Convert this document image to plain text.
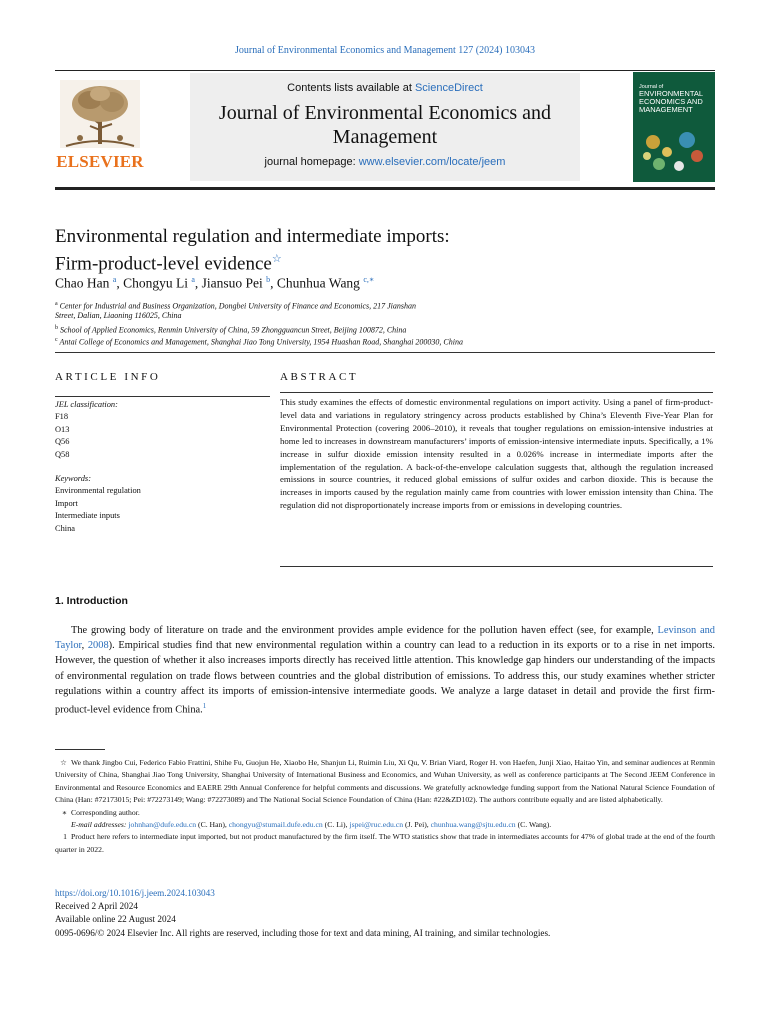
Journal of Environmental Economics and Management 127 (2024) 103043
ELSEVIER
Contents lists available at ScienceDirect
Journal of Environmental Economics and Management
journal homepage: www.elsevier.com/locate/jeem
Journal of
ENVIRONMENTAL ECONOMICS AND MANAGEMENT
Environmental regulation and intermediate imports:
Firm-product-level evidence☆
Chao Han $^a$, Chongyu Li $^a$, Jiansuo Pei $^b$, Chunhua Wang $^{c,∗}$
$^a$ Center for Industrial and Business Organization, Dongbei University of Finance and Economics, 217 Jianshan
Street, Dalian, Liaoning 116025, China
$^b$ School of Applied Economics, Renmin University of China, 59 Zhongguancun Street, Beijing 100872, China
$^c$ Antai College of Economics and Management, Shanghai Jiao Tong University, 1954 Huashan Road, Shanghai 200030, China
ARTICLE INFO
JEL classification:
F18
O13
Q56
Q58
Keywords:
Environmental regulation
Import
Intermediate inputs
China
ABSTRACT
This study examines the effects of domestic environmental regulations on import activity. Using a panel of firm-product-level data and variations in regulatory stringency across products established by China’s Eleventh Five-Year Plan for Environmental Protection (covering 2006–2010), it reveals that tougher regulations on emission-intensive industries at home led to increases in downstream manufacturers’ imports of emission-intensive intermediate inputs. Specifically, a 1% increase in sulfur dioxide emission intensity resulted in a 0.026% increase in intermediate imports after the implementation of the regulation. A back-of-the-envelope calculation suggests that, although the regulation increased emissions in source countries, it reduced global emissions of sulfur oxides and carbon dioxide. This is because the increases in imports caused by the regulation mainly came from countries with lower emission intensity than China. The regulation did not disproportionately increase imports from or emissions in developing countries.
1. Introduction
The growing body of literature on trade and the environment provides ample evidence for the pollution haven effect (see, for example, Levinson and Taylor, 2008). Empirical studies find that new environmental regulation within a country can lead to a reduction in its exports or to a rise in net imports. However, the question of whether it also increases imports directly has received little attention. This knowledge gap hinders our understanding of the impacts of environmental regulation on trade flows between countries and the global distribution of emissions. To address this, our study examines whether stricter regulations within a country affect its imports of emission-intensive intermediate goods. We analyze a large dataset in detail and provide the first firm-product-level evidence from China.$^1$

☆ We thank Jingbo Cui, Federico Fabio Frattini, Shihe Fu, Guojun He, Xiaobo He, Shanjun Li, Ruimin Liu, Xi Qu, V. Brian Viard, Roger H. von Haefen, Junji Xiao, Haitao Yin, and seminar audiences at Renmin University of China, Shanghai Jiao Tong University, Shanghai University of International Business and Economics, and Wuhan University, as well as conference participants at The Second JEEM Conference in Environmental and Resource Economics and EAERE 29th Annual Conference for helpful comments and discussions. We gratefully acknowledge funding support from the National Natural Science Foundation of China (Han: #72173015; Pei: #72273149; Wang: #72273089) and The National Social Science Foundation of China (Han: #22&ZD102). The authors contribute equally and are listed alphabetically.

∗ Corresponding author.

E-mail addresses: johnhan@dufe.edu.cn (C. Han), chongyu@stumail.dufe.edu.cn (C. Li), jspei@ruc.edu.cn (J. Pei), chunhua.wang@sjtu.edu.cn (C. Wang).

1 Product here refers to intermediate input imported, but not product manufactured by the firm itself. The WTO statistics show that trade in intermediates accounts for 47% of global trade at the end of the fourth quarter in 2022.

https://doi.org/10.1016/j.jeem.2024.103043
Received 2 April 2024
Available online 22 August 2024
0095-0696/© 2024 Elsevier Inc. All rights are reserved, including those for text and data mining, AI training, and similar technologies.
